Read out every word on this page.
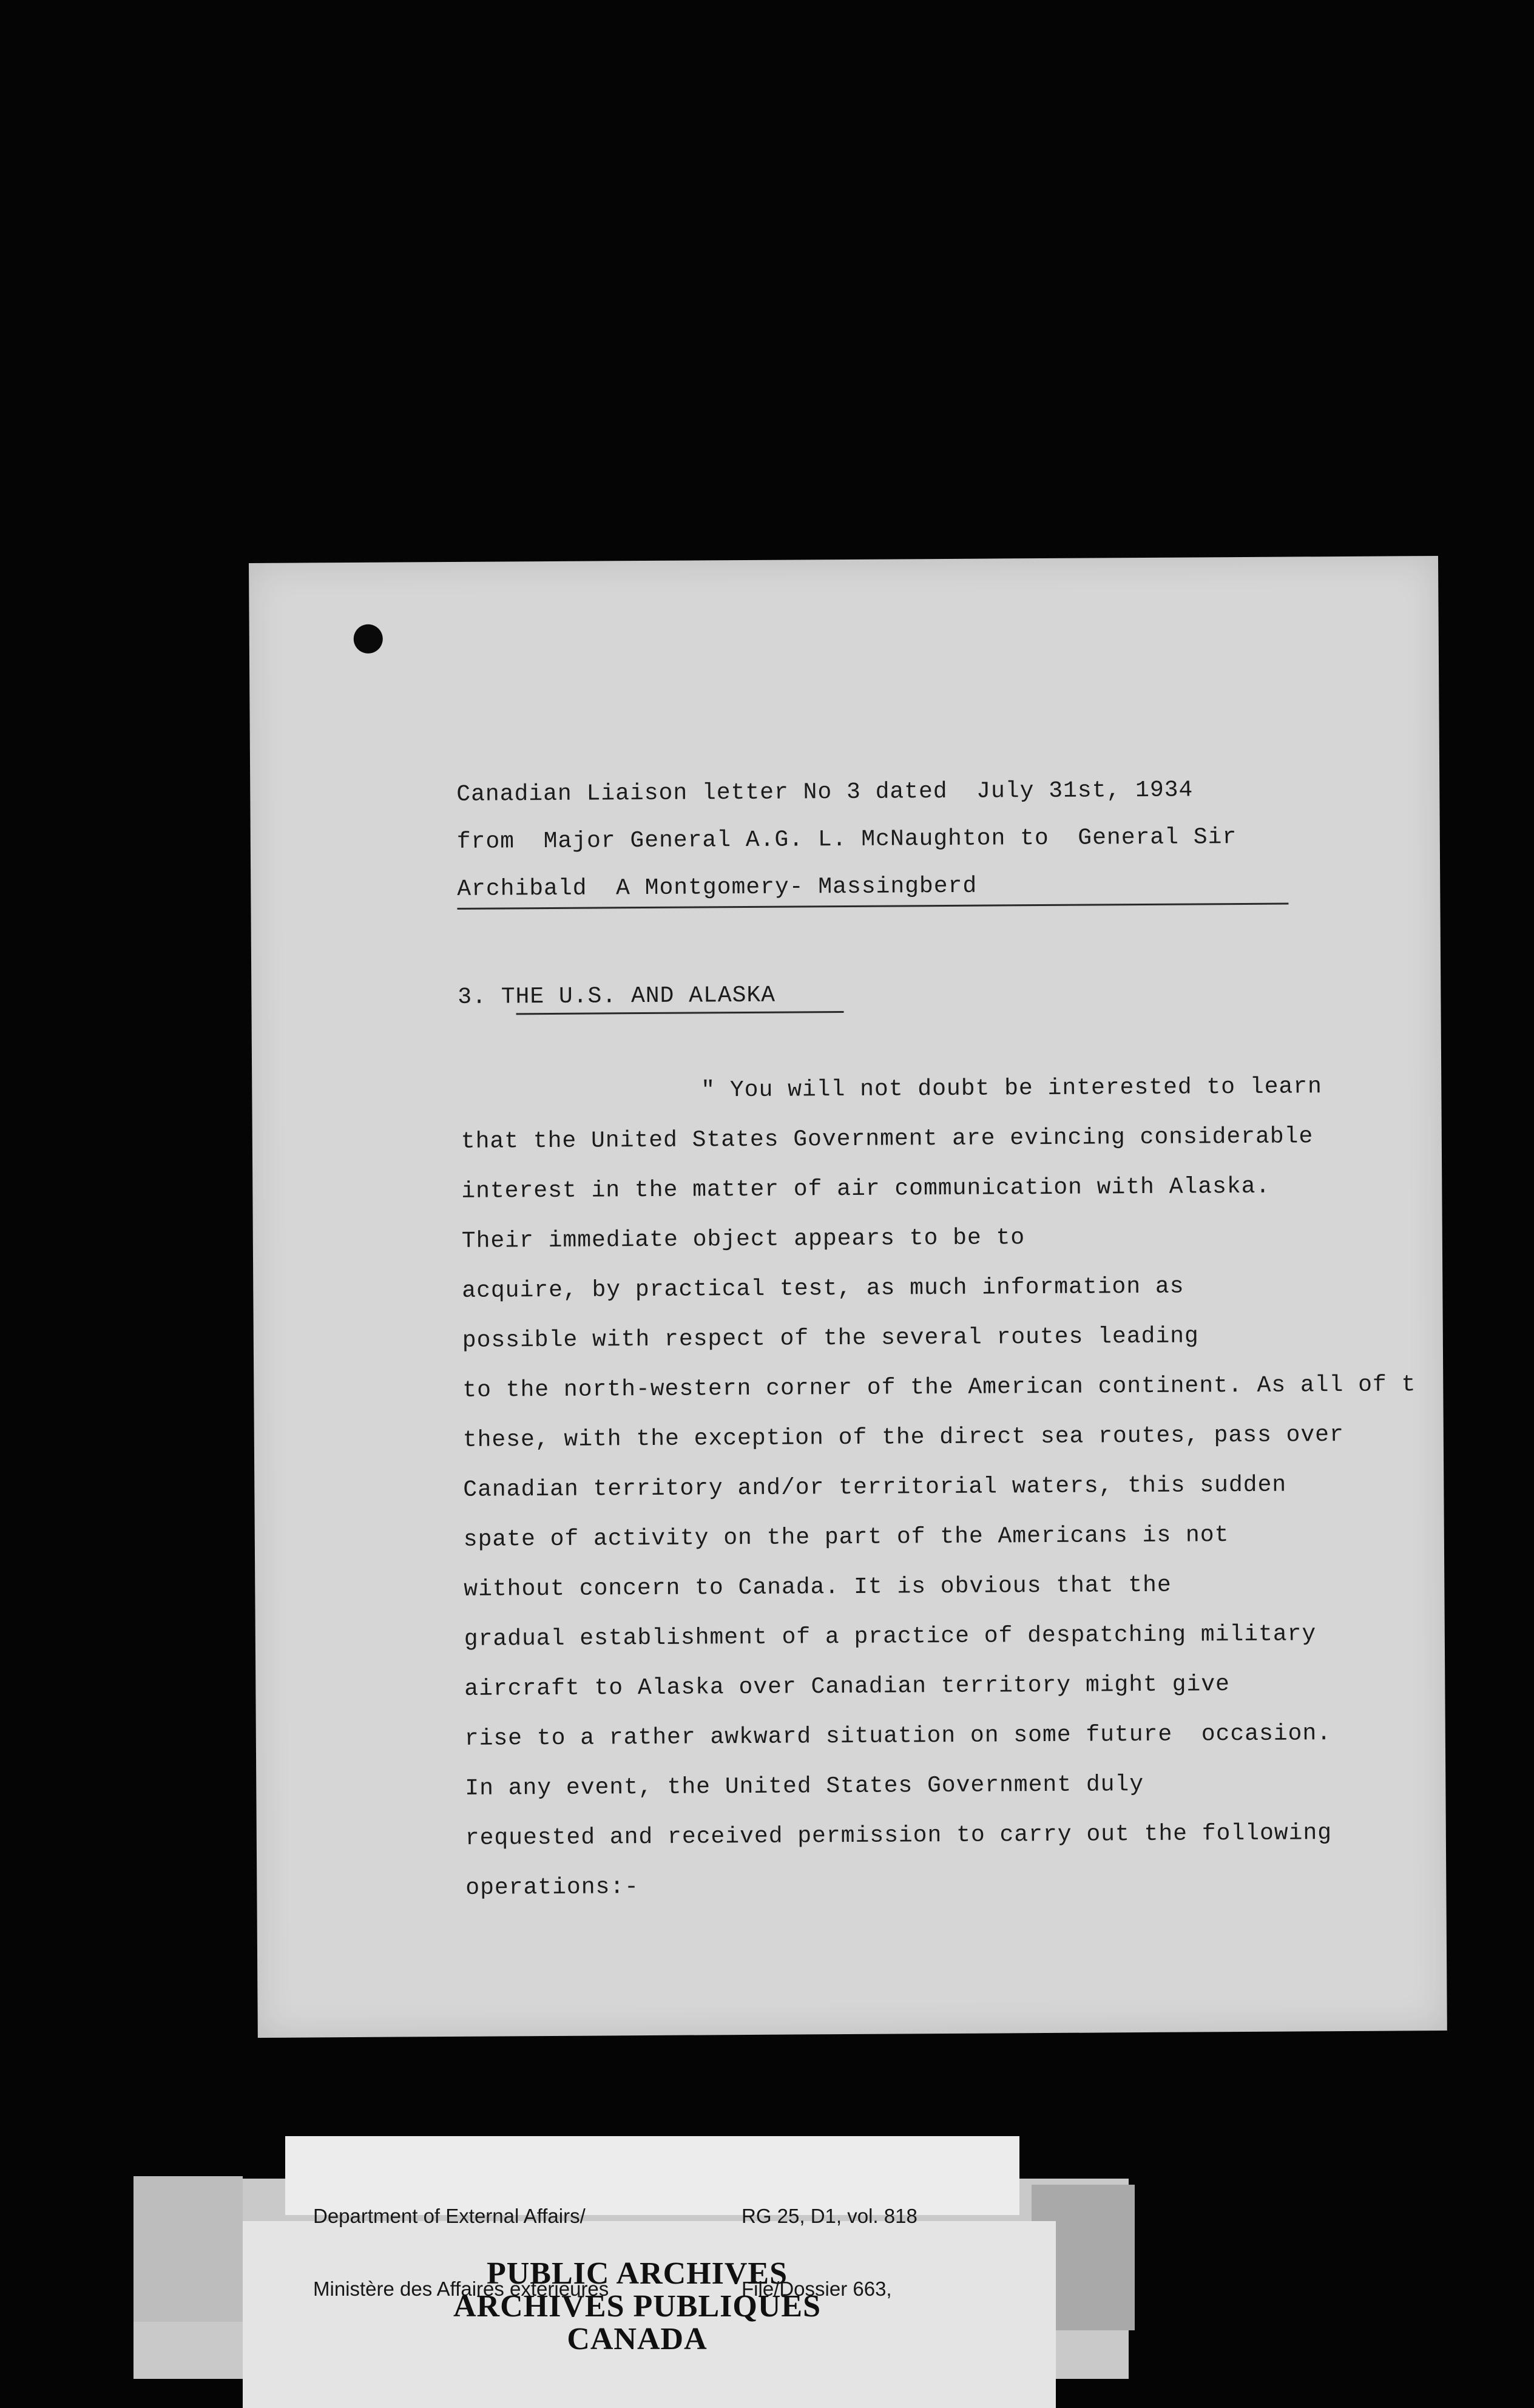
Canadian Liaison letter No 3 dated  July 31st, 1934
from  Major General A.G. L. McNaughton to  General Sir
Archibald  A Montgomery- Massingberd
3. THE U.S. AND ALASKA
" You will not doubt be interested to learn
that the United States Government are evincing considerable
interest in the matter of air communication with Alaska.
Their immediate object appears to be to
acquire, by practical test, as much information as
possible with respect of the several routes leading
to the north-western corner of the American continent. As all of t
these, with the exception of the direct sea routes, pass over
Canadian territory and/or territorial waters, this sudden
spate of activity on the part of the Americans is not
without concern to Canada. It is obvious that the
gradual establishment of a practice of despatching military
aircraft to Alaska over Canadian territory might give
rise to a rather awkward situation on some future  occasion.
In any event, the United States Government duly
requested and received permission to carry out the following
operations:-

Department of External Affairs/

Ministère des Affaires extérieures

RG 25, D1, vol. 818

File/Dossier 663,

PUBLIC ARCHIVES
ARCHIVES PUBLIQUES
CANADA
